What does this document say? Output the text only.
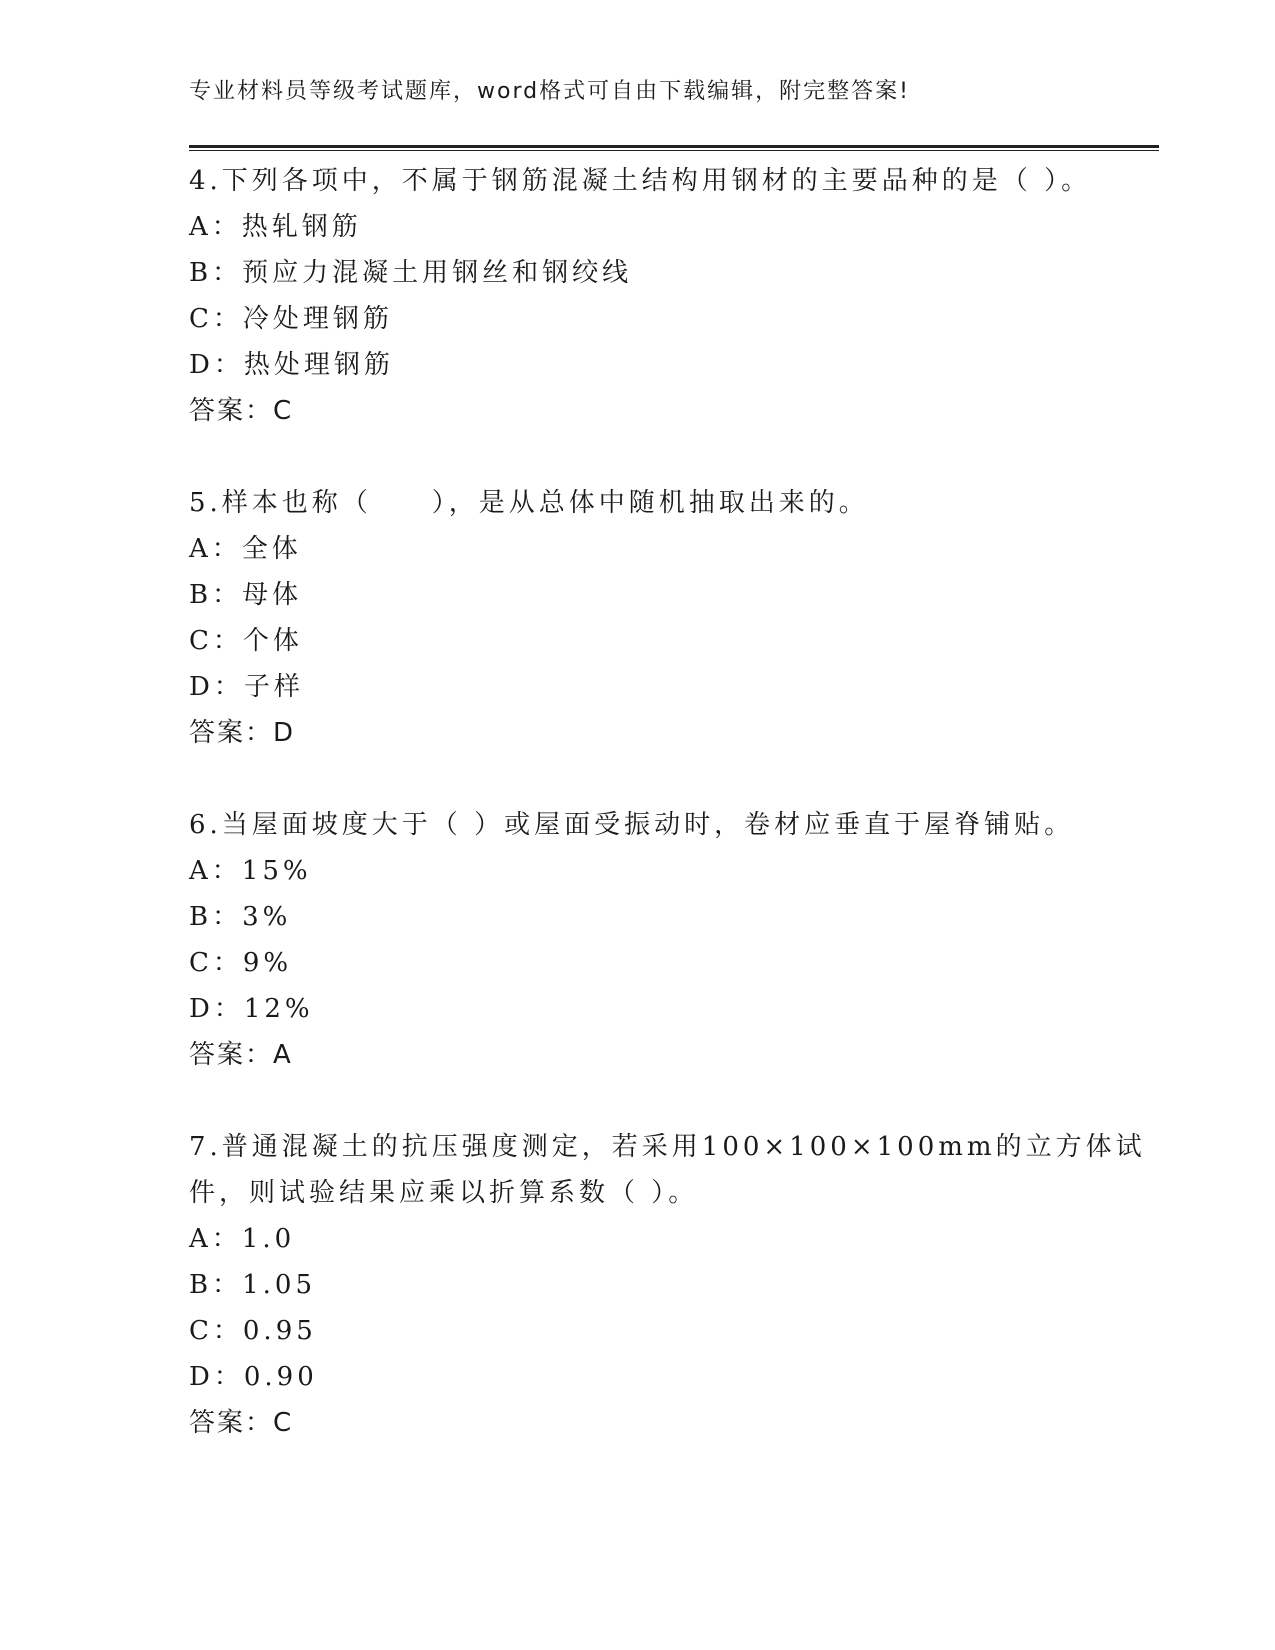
专业材料员等级考试题库，word格式可自由下载编辑，附完整答案!
4.下列各项中，不属于钢筋混凝土结构用钢材的主要品种的是（ ）。
A：热轧钢筋
B：预应力混凝土用钢丝和钢绞线
C：冷处理钢筋
D：热处理钢筋
答案：C
5.样本也称（　　），是从总体中随机抽取出来的。
A：全体
B：母体
C：个体
D：子样
答案：D
6.当屋面坡度大于（ ）或屋面受振动时，卷材应垂直于屋脊铺贴。
A：15%
B：3%
C：9%
D：12%
答案：A
7.普通混凝土的抗压强度测定，若采用100×100×100mm的立方体试
件，则试验结果应乘以折算系数（ ）。
A：1.0
B：1.05
C：0.95
D：0.90
答案：C
